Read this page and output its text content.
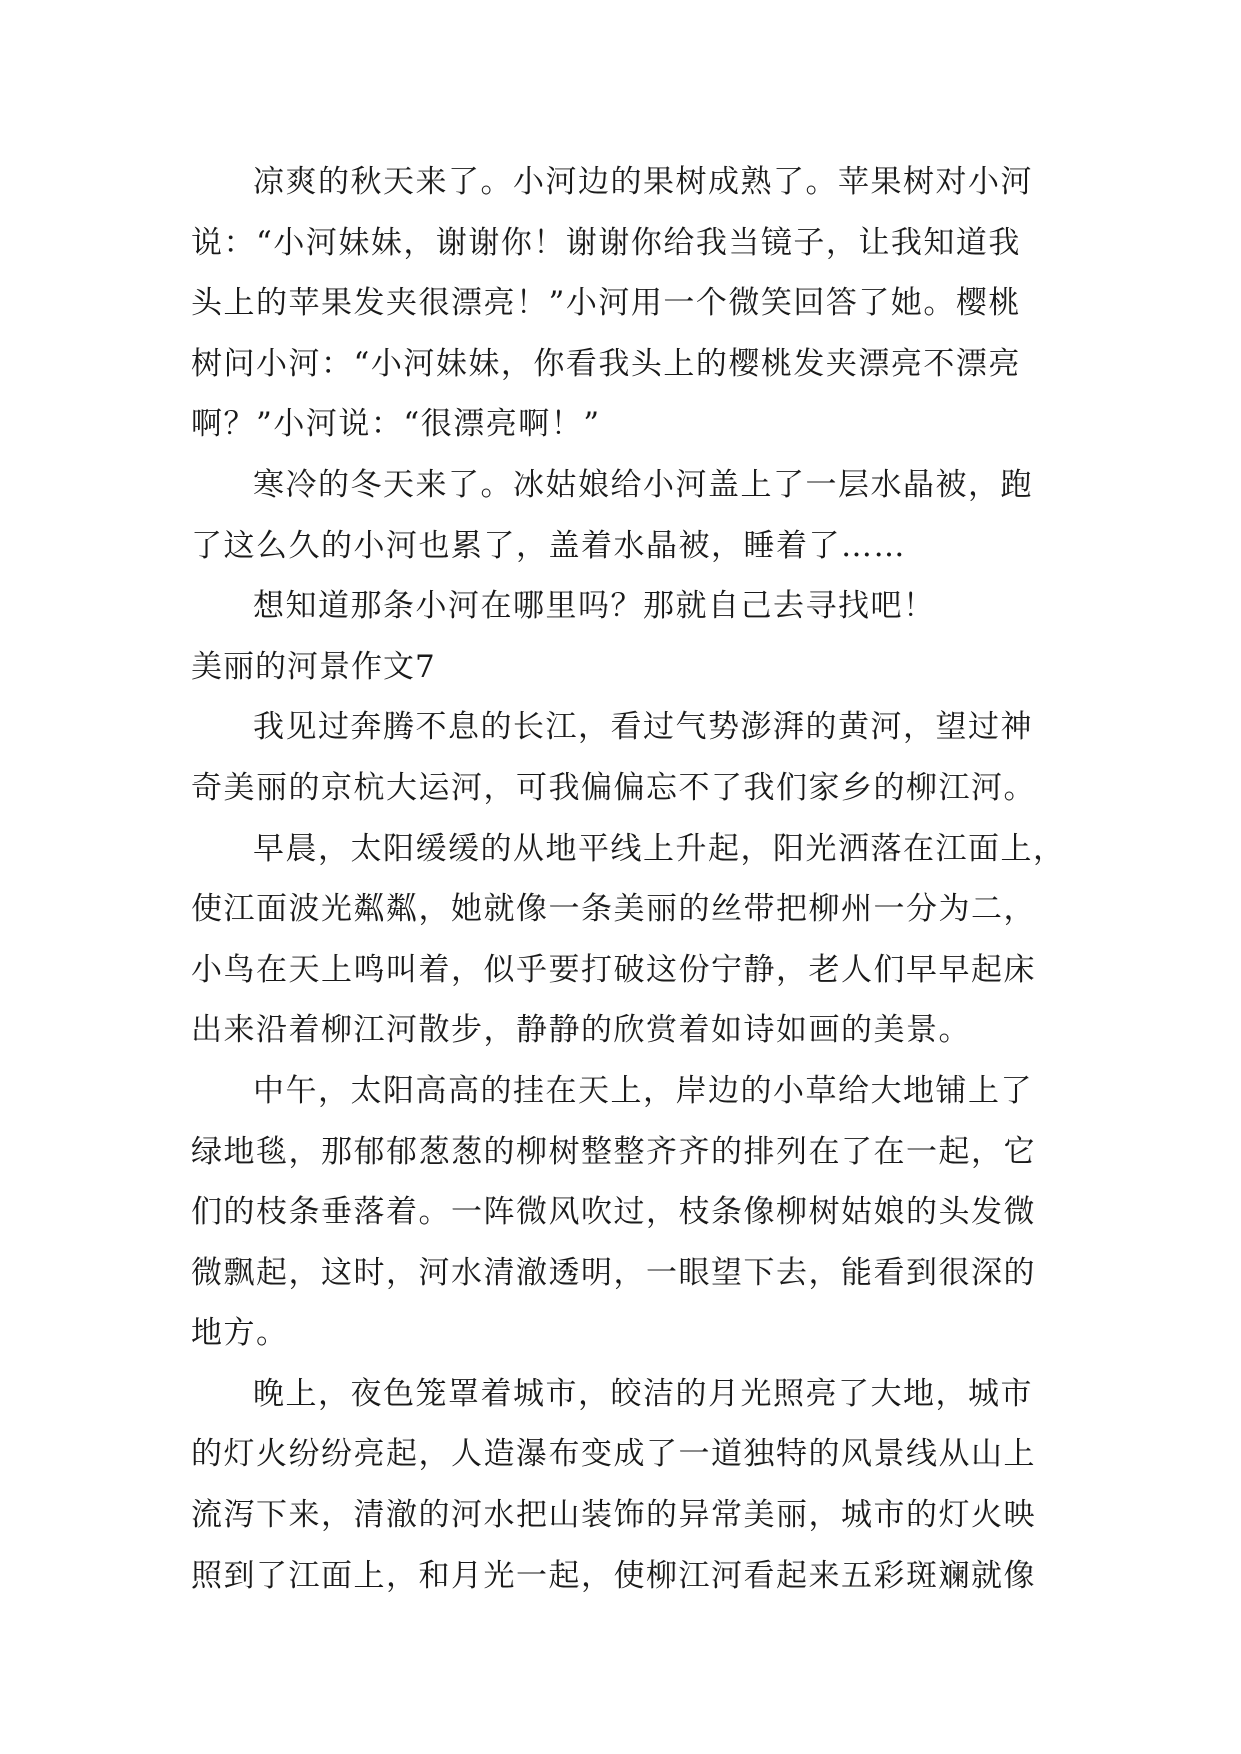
凉爽的秋天来了。小河边的果树成熟了。苹果树对小河
说：“小河妹妹，谢谢你！谢谢你给我当镜子，让我知道我
头上的苹果发夹很漂亮！”小河用一个微笑回答了她。樱桃
树问小河：“小河妹妹，你看我头上的樱桃发夹漂亮不漂亮
啊？”小河说：“很漂亮啊！”
寒冷的冬天来了。冰姑娘给小河盖上了一层水晶被，跑
了这么久的小河也累了，盖着水晶被，睡着了……
想知道那条小河在哪里吗？那就自己去寻找吧！
美丽的河景作文7
我见过奔腾不息的长江，看过气势澎湃的黄河，望过神
奇美丽的京杭大运河，可我偏偏忘不了我们家乡的柳江河。
早晨，太阳缓缓的从地平线上升起，阳光洒落在江面上，
使江面波光粼粼，她就像一条美丽的丝带把柳州一分为二，
小鸟在天上鸣叫着，似乎要打破这份宁静，老人们早早起床
出来沿着柳江河散步，静静的欣赏着如诗如画的美景。
中午，太阳高高的挂在天上，岸边的小草给大地铺上了
绿地毯，那郁郁葱葱的柳树整整齐齐的排列在了在一起，它
们的枝条垂落着。一阵微风吹过，枝条像柳树姑娘的头发微
微飘起，这时，河水清澈透明，一眼望下去，能看到很深的
地方。
晚上，夜色笼罩着城市，皎洁的月光照亮了大地，城市
的灯火纷纷亮起，人造瀑布变成了一道独特的风景线从山上
流泻下来，清澈的河水把山装饰的异常美丽，城市的灯火映
照到了江面上，和月光一起，使柳江河看起来五彩斑斓就像
